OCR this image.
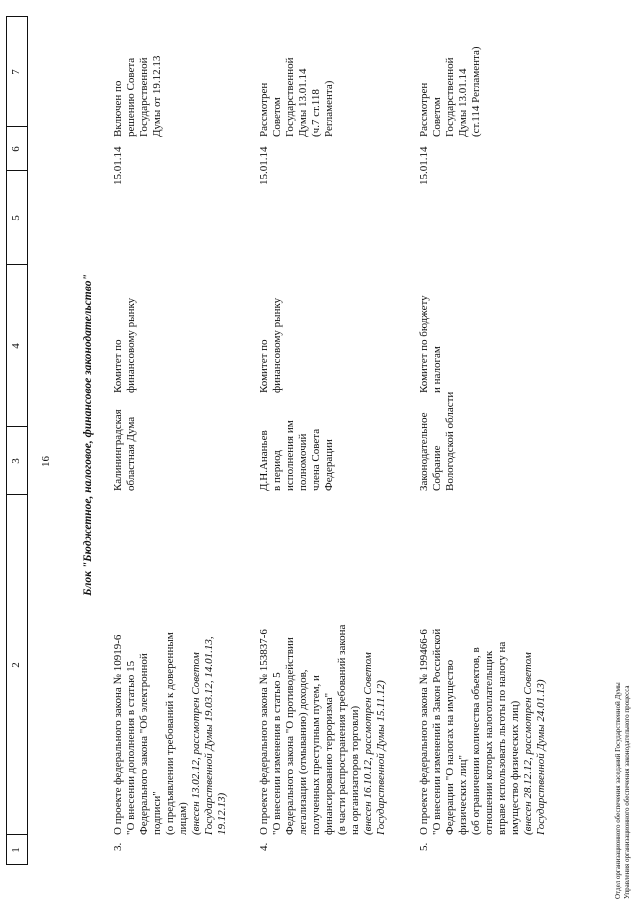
16
1
2
3
4
5
6
7
Блок "Бюджетное, налоговое, финансовое законодательство"
3.
О проекте федерального закона № 10919-6 "О внесении дополнения в статью 15 Федерального закона "Об электронной подписи" (о предъявлении требований к доверенным лицам) (внесен 13.02.12, рассмотрен Советом Государственной Думы 19.03.12, 14.01.13, 19.12.13)
Калининградская областная Дума
Комитет по финансовому рынку
15.01.14
Включен по решению Совета Государственной Думы от 19.12.13
4.
О проекте федерального закона № 153837-6 "О внесении изменения в статью 5 Федерального закона "О противодействии легализации (отмыванию) доходов, полученных преступным путем, и финансированию терроризма" (в части распространения требований закона на организаторов торговли) (внесен 16.10.12, рассмотрен Советом Государственной Думы 15.11.12)
Д.Н.Ананьев в период исполнения им полномочий члена Совета Федерации
Комитет по финансовому рынку
15.01.14
Рассмотрен Советом Государственной Думы 13.01.14 (ч.7 ст.118 Регламента)
5.
О проекте федерального закона № 199466-6 "О внесении изменений в Закон Российской Федерации "О налогах на имущество физических лиц" (об ограничении количества объектов, в отношении которых налогоплательщик вправе использовать льготы по налогу на имущество физических лиц) (внесен 28.12.12, рассмотрен Советом Государственной Думы 24.01.13)
Законодательное Собрание Вологодской области
Комитет по бюджету и налогам
15.01.14
Рассмотрен Советом Государственной Думы 13.01.14 (ст.114 Регламента)
Отдел организационного обеспечения заседаний Государственной Думы Управления организационного обеспечения законодательного процесса
